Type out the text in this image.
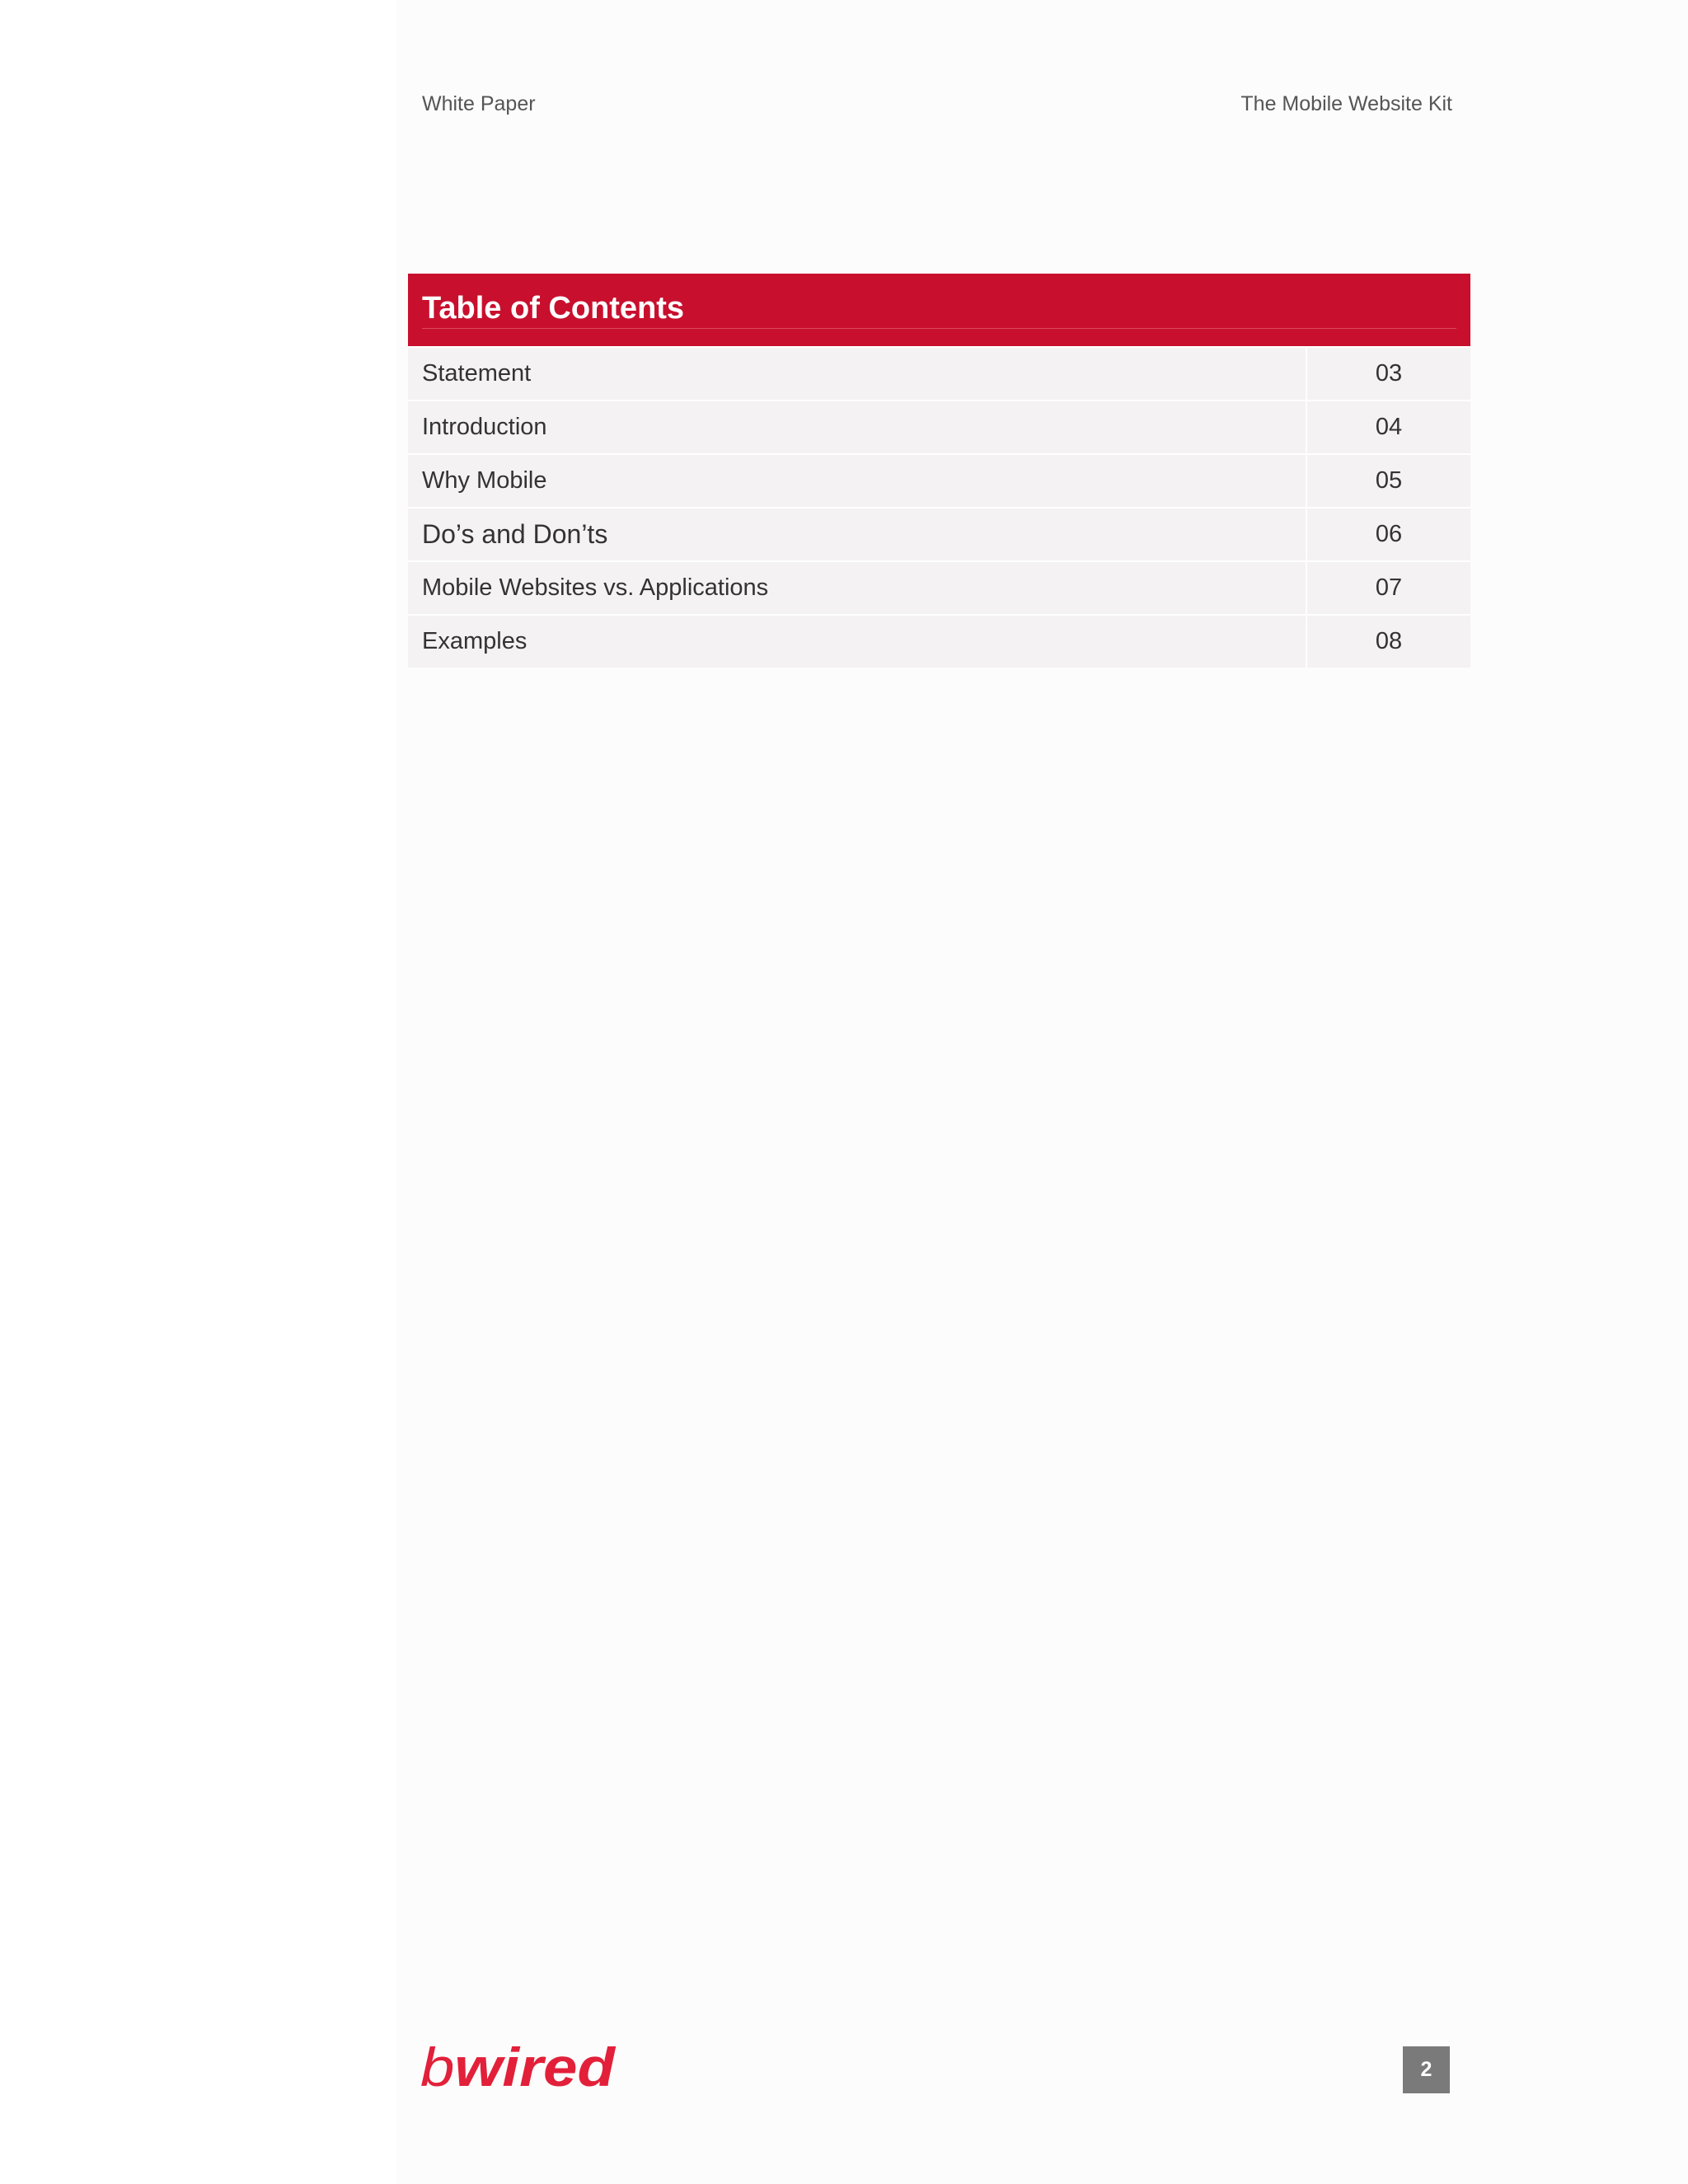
White Paper	The Mobile Website Kit
Table of Contents
Statement	03
Introduction	04
Why Mobile	05
Do’s and Don’ts	06
Mobile Websites vs. Applications	07
Examples	08
bwired	2
